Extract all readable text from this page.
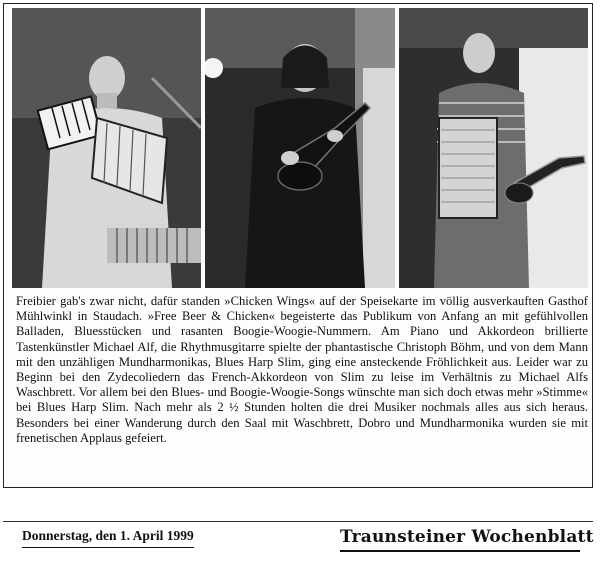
Freibier gab's zwar nicht, dafür standen »Chicken Wings« auf der Speisekarte im völlig ausverkauften Gasthof Mühlwinkl in Staudach. »Free Beer & Chicken« begeisterte das Publikum von Anfang an mit gefühlvollen Balladen, Bluesstücken und rasanten Boogie-Woogie-Nummern. Am Piano und Akkordeon brillierte Tastenkünstler Michael Alf, die Rhythmusgitarre spielte der phantastische Christoph Böhm, und von dem Mann mit den unzähligen Mundharmonikas, Blues Harp Slim, ging eine ansteckende Fröhlichkeit aus. Leider war zu Beginn bei den Zydecoliedern das French-Akkordeon von Slim zu leise im Verhältnis zu Michael Alfs Waschbrett. Vor allem bei den Blues- und Boogie-Woogie-Songs wünschte man sich doch etwas mehr »Stimme« bei Blues Harp Slim. Nach mehr als 2 ½ Stunden holten die drei Musiker nochmals alles aus sich heraus. Besonders bei einer Wanderung durch den Saal mit Waschbrett, Dobro und Mundharmonika wurden sie mit frenetischen Applaus gefeiert.

Donnerstag, den 1. April 1999	Traunsteiner Wochenblatt
